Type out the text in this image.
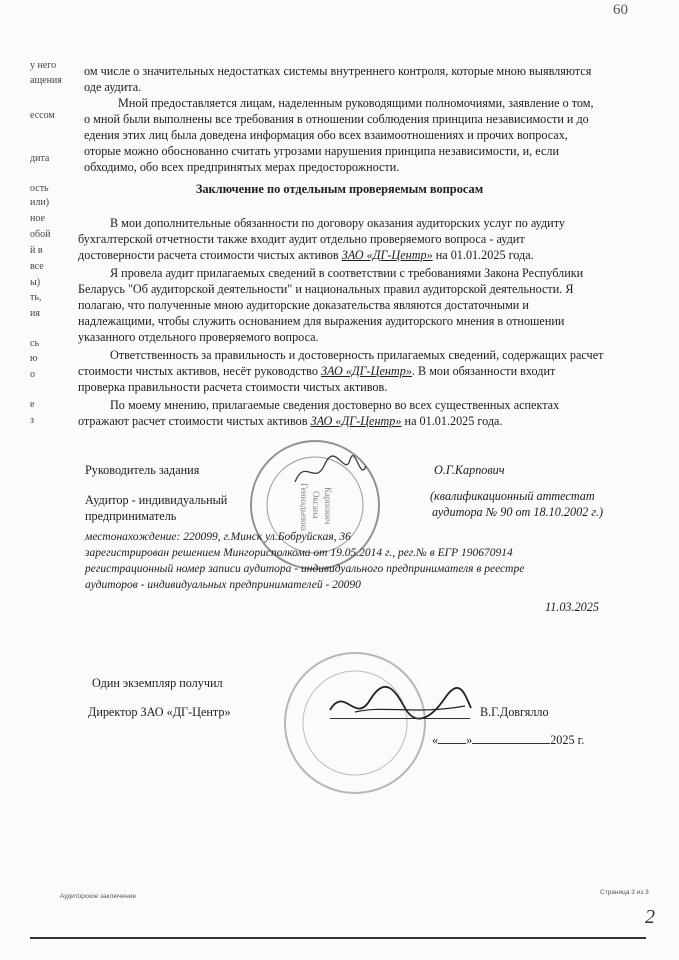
60
у него
ащения
ессом
дита
ость
или)
ное
обой
й в
все
ы)
ть,
ия
сь
ю
о
е
з
ом числе о значительных недостатках системы внутреннего контроля, которые мною выявляются
оде аудита.
Мной предоставляется лицам, наделенным руководящими полномочиями, заявление о том,
о мной были выполнены все требования в отношении соблюдения принципа независимости и до
едения этих лиц была доведена информация обо всех взаимоотношениях и прочих вопросах,
оторые можно обоснованно считать угрозами нарушения принципа независимости, и, если
обходимо, обо всех предпринятых мерах предосторожности.
Заключение по отдельным проверяемым вопросам
В мои дополнительные обязанности по договору оказания аудиторских услуг по аудиту
бухгалтерской отчетности также входит аудит отдельно проверяемого вопроса - аудит
достоверности расчета стоимости чистых активов ЗАО «ДГ-Центр» на 01.01.2025 года.
Я провела аудит прилагаемых сведений в соответствии с требованиями Закона Республики
Беларусь "Об аудиторской деятельности" и национальных правил аудиторской деятельности. Я
полагаю, что полученные мною аудиторские доказательства являются достаточными и
надлежащими, чтобы служить основанием для выражения аудиторского мнения в отношении
указанного отдельного проверяемого вопроса.
Ответственность за правильность и достоверность прилагаемых сведений, содержащих расчет
стоимости чистых активов, несёт руководство ЗАО «ДГ-Центр». В мои обязанности входит
проверка правильности расчета стоимости чистых активов.
По моему мнению, прилагаемые сведения достоверно во всех существенных аспектах
отражают расчет стоимости чистых активов ЗАО «ДГ-Центр» на 01.01.2025 года.
Карпович
Оксана
Геннадьевна
Руководитель задания	О.Г.Карпович
Аудитор - индивидуальный
предприниматель
(квалификационный аттестат
аудитора № 90 от 18.10.2002 г.)
местонахождение: 220099, г.Минск ул.Бобруйская, 36
зарегистрирован решением Мингорисполкома от 19.05.2014 г., рег.№ в ЕГР 190670914
регистрационный номер записи аудитора - индивидуального предпринимателя в реестре
аудиторов - индивидуальных предпринимателей - 20090
11.03.2025
Один экземпляр получил
Директор ЗАО «ДГ-Центр»	В.Г.Довгялло
« »	2025 г.
Аудиторское заключение
Страница 3 из 3
2
